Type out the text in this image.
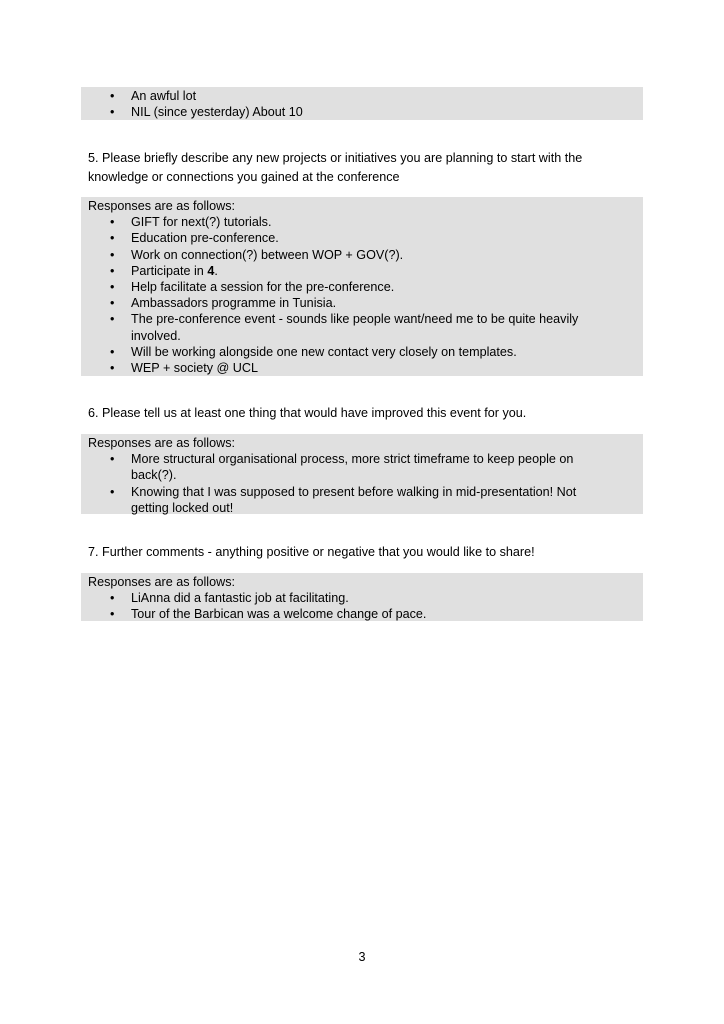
• An awful lot
• NIL (since yesterday) About 10

5. Please briefly describe any new projects or initiatives you are planning to start with the knowledge or connections you gained at the conference

Responses are as follows:

• GIFT for next(?) tutorials.
• Education pre-conference.
• Work on connection(?) between WOP + GOV(?).
• Participate in 4.
• Help facilitate a session for the pre-conference.
• Ambassadors programme in Tunisia.
• The pre-conference event - sounds like people want/need me to be quite heavily involved.
• Will be working alongside one new contact very closely on templates.
• WEP + society @ UCL

6. Please tell us at least one thing that would have improved this event for you.

Responses are as follows:

• More structural organisational process, more strict timeframe to keep people on back(?).
• Knowing that I was supposed to present before walking in mid-presentation! Not getting locked out!

7. Further comments - anything positive or negative that you would like to share!

Responses are as follows:

• LiAnna did a fantastic job at facilitating.
• Tour of the Barbican was a welcome change of pace.
3
